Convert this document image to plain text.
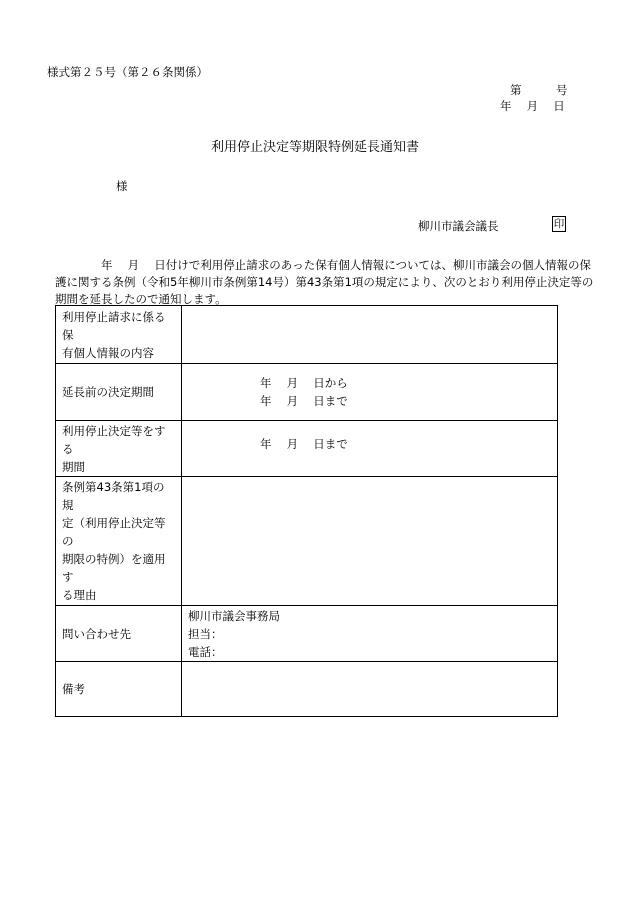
様式第２５号（第２６条関係）
第　　　号
年　 月　 日
利用停止決定等期限特例延長通知書
様
柳川市議会議長	印
　　　　年　 月　 日付けで利用停止請求のあった保有個人情報については、柳川市議会の個人情報の保
護に関する条例（令和5年柳川市条例第14号）第43条第1項の規定により、次のとおり利用停止決定等の
期間を延長したので通知します。
利用停止請求に係る保
有個人情報の内容	

延長前の決定期間	年　 月　 日から
年　 月　 日まで

利用停止決定等をする
期間	年　 月　 日まで

条例第43条第1項の規
定（利用停止決定等の
期限の特例）を適用す
る理由	

問い合わせ先	柳川市議会事務局
担当：
電話：

備考	
